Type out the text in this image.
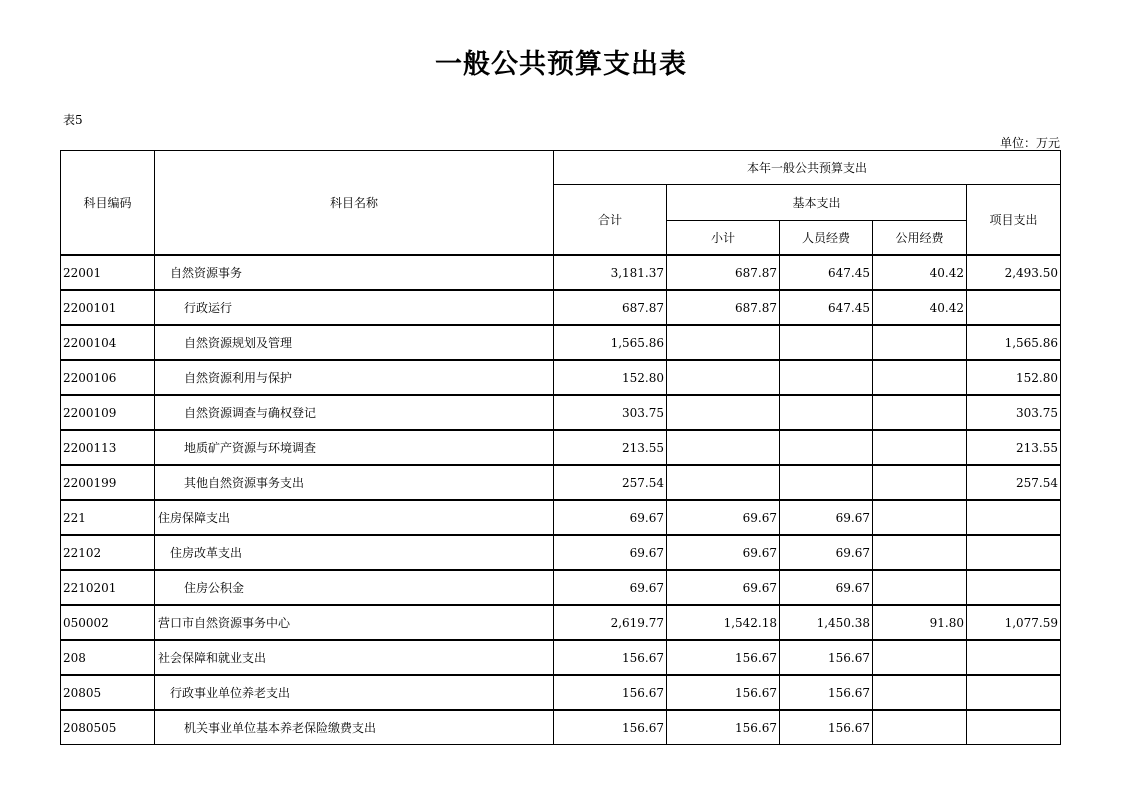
一般公共预算支出表
表5
单位：万元
科目编码	科目名称	本年一般公共预算支出				
		合计	基本支出			项目支出
			小计	人员经费	公用经费	
22001	自然资源事务	3,181.37	687.87	647.45	40.42	2,493.50
2200101	行政运行	687.87	687.87	647.45	40.42	
2200104	自然资源规划及管理	1,565.86				1,565.86
2200106	自然资源利用与保护	152.80				152.80
2200109	自然资源调查与确权登记	303.75				303.75
2200113	地质矿产资源与环境调查	213.55				213.55
2200199	其他自然资源事务支出	257.54				257.54
221	住房保障支出	69.67	69.67	69.67		
22102	住房改革支出	69.67	69.67	69.67		
2210201	住房公积金	69.67	69.67	69.67		
050002	营口市自然资源事务中心	2,619.77	1,542.18	1,450.38	91.80	1,077.59
208	社会保障和就业支出	156.67	156.67	156.67		
20805	行政事业单位养老支出	156.67	156.67	156.67		
2080505	机关事业单位基本养老保险缴费支出	156.67	156.67	156.67		
